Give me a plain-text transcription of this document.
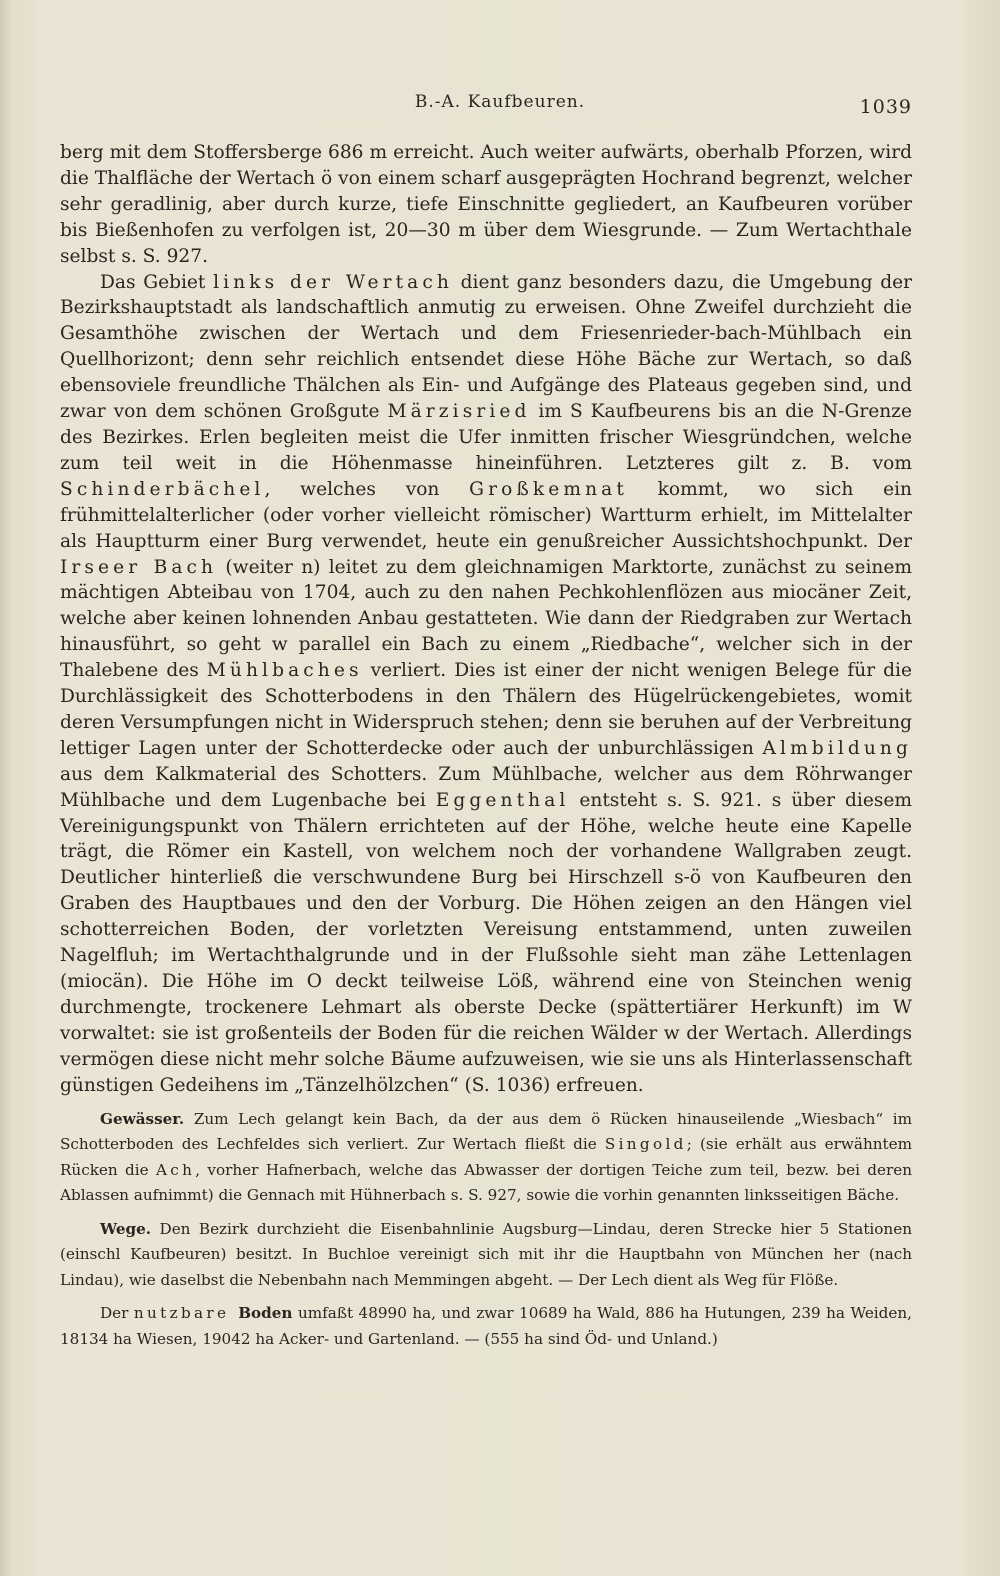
B.-A. Kaufbeuren.	1039

berg mit dem Stoffersberge 686 m erreicht. Auch weiter aufwärts, oberhalb Pforzen, wird die Thalfläche der Wertach ö von einem scharf ausgeprägten Hochrand begrenzt, welcher sehr geradlinig, aber durch kurze, tiefe Einschnitte gegliedert, an Kaufbeuren vorüber bis Bießenhofen zu verfolgen ist, 20—30 m über dem Wiesgrunde. — Zum Wertachthale selbst s. S. 927.

Das Gebiet links der Wertach dient ganz besonders dazu, die Umgebung der Bezirkshauptstadt als landschaftlich anmutig zu erweisen. Ohne Zweifel durchzieht die Gesamthöhe zwischen der Wertach und dem Friesenrieder-bach-Mühlbach ein Quellhorizont; denn sehr reichlich entsendet diese Höhe Bäche zur Wertach, so daß ebensoviele freundliche Thälchen als Ein- und Aufgänge des Plateaus gegeben sind, und zwar von dem schönen Großgute Märzisried im S Kaufbeurens bis an die N-Grenze des Bezirkes. Erlen begleiten meist die Ufer inmitten frischer Wiesgründchen, welche zum teil weit in die Höhenmasse hineinführen. Letzteres gilt z. B. vom Schinderbächel, welches von Großkemnat kommt, wo sich ein frühmittelalterlicher (oder vorher vielleicht römischer) Wartturm erhielt, im Mittelalter als Hauptturm einer Burg verwendet, heute ein genußreicher Aussichtshochpunkt. Der Irseer Bach (weiter n) leitet zu dem gleichnamigen Marktorte, zunächst zu seinem mächtigen Abteibau von 1704, auch zu den nahen Pechkohlenflözen aus miocäner Zeit, welche aber keinen lohnenden Anbau gestatteten. Wie dann der Riedgraben zur Wertach hinausführt, so geht w parallel ein Bach zu einem „Riedbache“, welcher sich in der Thalebene des Mühlbaches verliert. Dies ist einer der nicht wenigen Belege für die Durchlässigkeit des Schotterbodens in den Thälern des Hügelrückengebietes, womit deren Versumpfungen nicht in Widerspruch stehen; denn sie beruhen auf der Verbreitung lettiger Lagen unter der Schotterdecke oder auch der unburchlässigen Almbildung aus dem Kalkmaterial des Schotters. Zum Mühlbache, welcher aus dem Röhrwanger Mühlbache und dem Lugenbache bei Eggenthal entsteht s. S. 921. s über diesem Vereinigungspunkt von Thälern errichteten auf der Höhe, welche heute eine Kapelle trägt, die Römer ein Kastell, von welchem noch der vorhandene Wallgraben zeugt. Deutlicher hinterließ die verschwundene Burg bei Hirschzell s-ö von Kaufbeuren den Graben des Hauptbaues und den der Vorburg. Die Höhen zeigen an den Hängen viel schotterreichen Boden, der vorletzten Vereisung entstammend, unten zuweilen Nagelfluh; im Wertachthalgrunde und in der Flußsohle sieht man zähe Lettenlagen (miocän). Die Höhe im O deckt teilweise Löß, während eine von Steinchen wenig durchmengte, trockenere Lehmart als oberste Decke (spättertiärer Herkunft) im W vorwaltet: sie ist großenteils der Boden für die reichen Wälder w der Wertach. Allerdings vermögen diese nicht mehr solche Bäume aufzuweisen, wie sie uns als Hinterlassenschaft günstigen Gedeihens im „Tänzelhölzchen“ (S. 1036) erfreuen.

Gewässer. Zum Lech gelangt kein Bach, da der aus dem ö Rücken hinauseilende „Wiesbach“ im Schotterboden des Lechfeldes sich verliert. Zur Wertach fließt die Singold; (sie erhält aus erwähntem Rücken die Ach, vorher Hafnerbach, welche das Abwasser der dortigen Teiche zum teil, bezw. bei deren Ablassen aufnimmt) die Gennach mit Hühnerbach s. S. 927, sowie die vorhin genannten linksseitigen Bäche.

Wege. Den Bezirk durchzieht die Eisenbahnlinie Augsburg—Lindau, deren Strecke hier 5 Stationen (einschl Kaufbeuren) besitzt. In Buchloe vereinigt sich mit ihr die Hauptbahn von München her (nach Lindau), wie daselbst die Nebenbahn nach Memmingen abgeht. — Der Lech dient als Weg für Flöße.

Der nutzbare Boden umfaßt 48990 ha, und zwar 10689 ha Wald, 886 ha Hutungen, 239 ha Weiden, 18134 ha Wiesen, 19042 ha Acker- und Gartenland. — (555 ha sind Öd- und Unland.)
